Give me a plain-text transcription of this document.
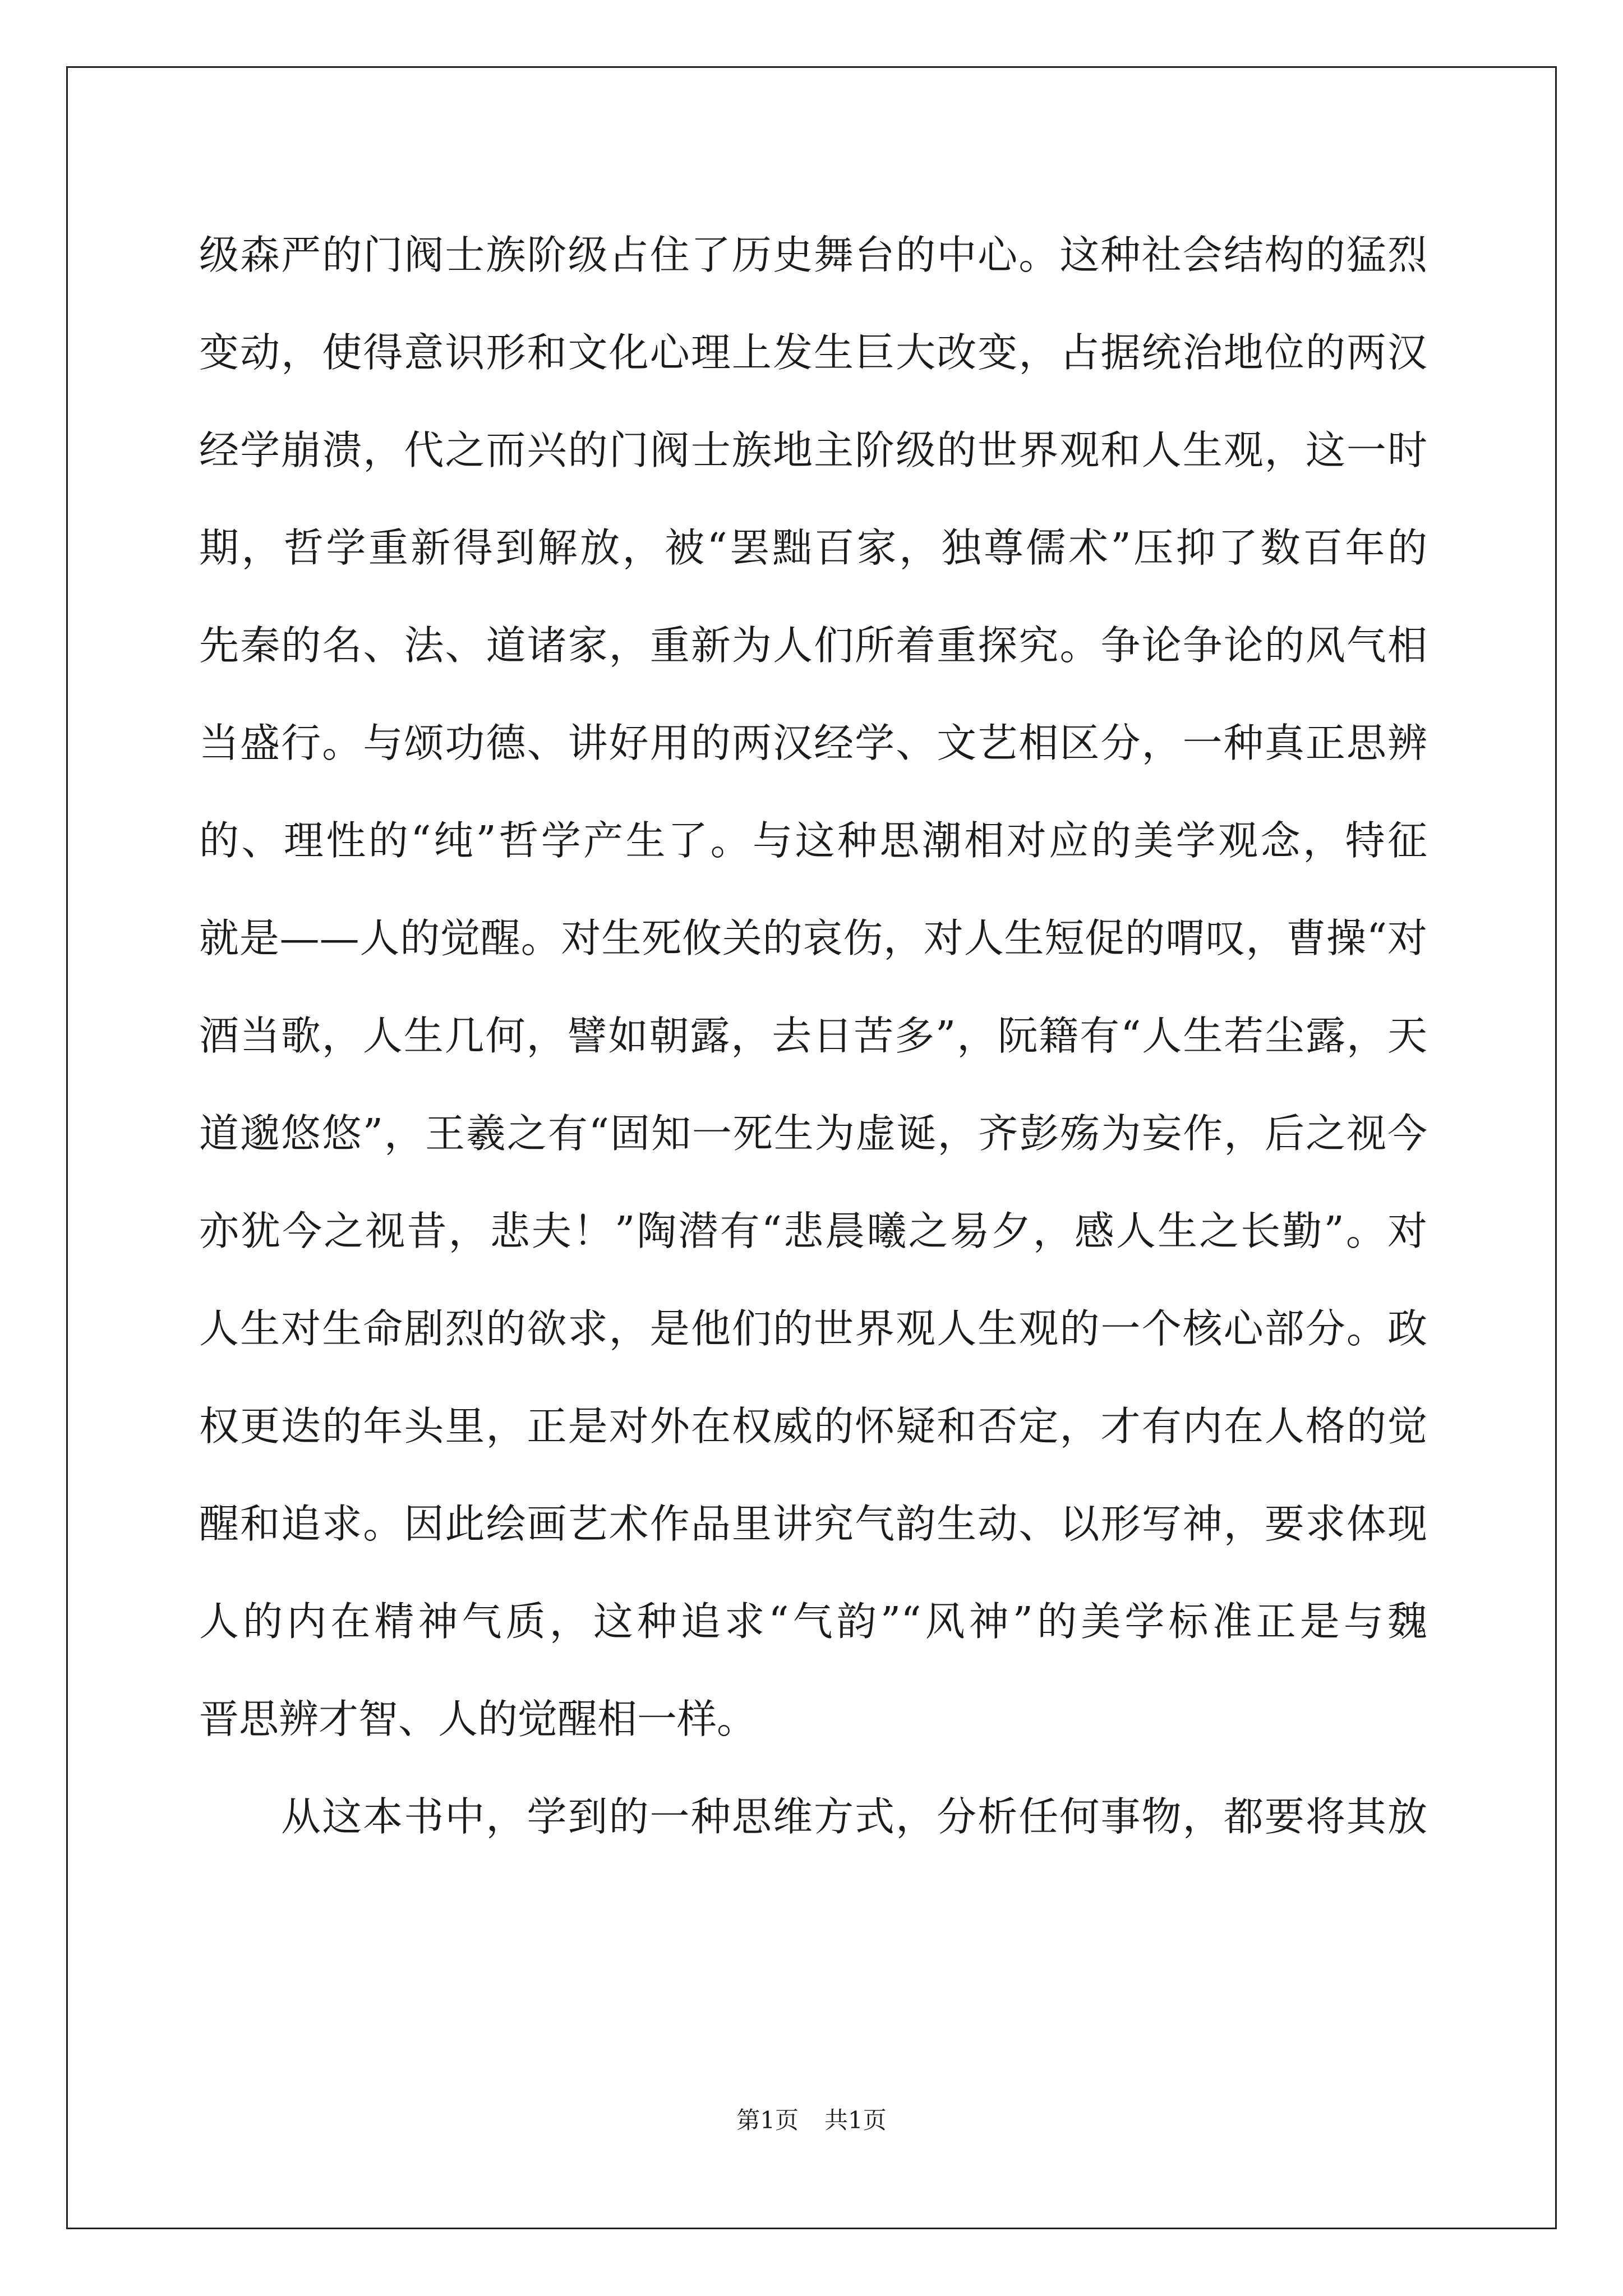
级森严的门阀士族阶级占住了历史舞台的中心。这种社会结构的猛烈
变动，使得意识形和文化心理上发生巨大改变，占据统治地位的两汉
经学崩溃，代之而兴的门阀士族地主阶级的世界观和人生观，这一时
期，哲学重新得到解放，被“罢黜百家，独尊儒术”压抑了数百年的
先秦的名、法、道诸家，重新为人们所着重探究。争论争论的风气相
当盛行。与颂功德、讲好用的两汉经学、文艺相区分，一种真正思辨
的、理性的“纯”哲学产生了。与这种思潮相对应的美学观念，特征
就是——人的觉醒。对生死攸关的哀伤，对人生短促的喟叹，曹操“对
酒当歌，人生几何，譬如朝露，去日苦多”，阮籍有“人生若尘露，天
道邈悠悠”，王羲之有“固知一死生为虚诞，齐彭殇为妄作，后之视今
亦犹今之视昔，悲夫！”陶潜有“悲晨曦之易夕，感人生之长勤”。对
人生对生命剧烈的欲求，是他们的世界观人生观的一个核心部分。政
权更迭的年头里，正是对外在权威的怀疑和否定，才有内在人格的觉
醒和追求。因此绘画艺术作品里讲究气韵生动、以形写神，要求体现
人的内在精神气质，这种追求“气韵”“风神”的美学标准正是与魏
晋思辨才智、人的觉醒相一样。
从这本书中，学到的一种思维方式，分析任何事物，都要将其放
第1页 共1页
